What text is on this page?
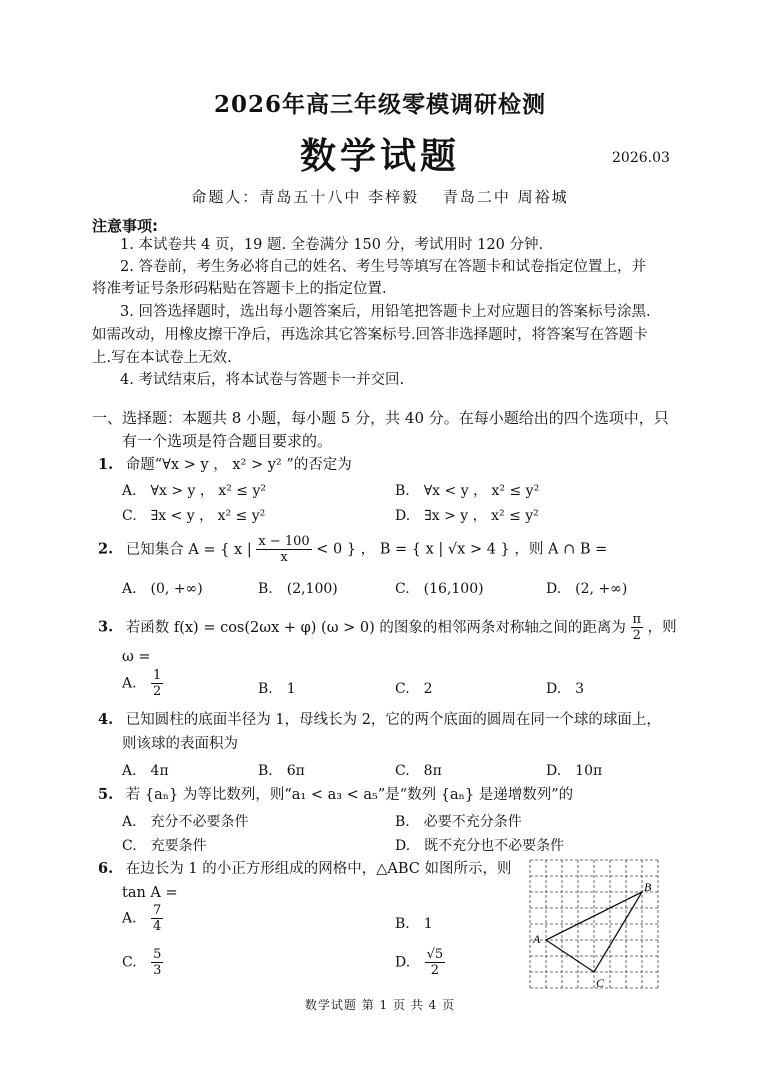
2026年高三年级零模调研检测
数学试题	2026.03
命题人：青岛五十八中 李梓毅　 青岛二中 周裕城
注意事项:
1. 本试卷共 4 页，19 题. 全卷满分 150 分，考试用时 120 分钟.
2. 答卷前，考生务必将自己的姓名、考生号等填写在答题卡和试卷指定位置上，并
将准考证号条形码粘贴在答题卡上的指定位置.
3. 回答选择题时，选出每小题答案后，用铅笔把答题卡上对应题目的答案标号涂黑.
如需改动，用橡皮擦干净后，再选涂其它答案标号.回答非选择题时，将答案写在答题卡
上.写在本试卷上无效.
4. 考试结束后，将本试卷与答题卡一并交回.
一、选择题：本题共 8 小题，每小题 5 分，共 40 分。在每小题给出的四个选项中，只
有一个选项是符合题目要求的。
1. 命题“∀x > y ， x² > y² ”的否定为
A.　∀x > y ， x² ≤ y²	B.　∀x < y ， x² ≤ y²
C.　∃x < y ， x² ≤ y²	D.　∃x > y ， x² ≤ y²
2. 已知集合 A = { x | $\frac{x - 100}{x} < 0$ } ， B = { x | √x > 4 } ，则 A ∩ B =
A.　(0, +∞)	B.　(2,100)	C.　(16,100)	D.　(2, +∞)
3. 若函数 f(x) = cos(2ωx + φ) (ω > 0) 的图象的相邻两条对称轴之间的距离为 $\frac{\pi}{2}$ ，则
ω =
A. $\frac{1}{2}$	B.　1	C.　2	D.　3
4. 已知圆柱的底面半径为 1，母线长为 2，它的两个底面的圆周在同一个球的球面上，
则该球的表面积为
A.　4π	B.　6π	C.　8π	D.　10π
5. 若 {aₙ} 为等比数列，则“a₁ < a₃ < a₅”是“数列 {aₙ} 是递增数列”的
A.　充分不必要条件	B.　必要不充分条件
C.　充要条件	D.　既不充分也不必要条件
6. 在边长为 1 的小正方形组成的网格中，△ABC 如图所示，则
tan A =
A. $\frac{7}{4}$	B.　1
C. $\frac{5}{3}$	D. $\frac{√5}{2}$
A
B
C
数学试题 第 1 页 共 4 页
